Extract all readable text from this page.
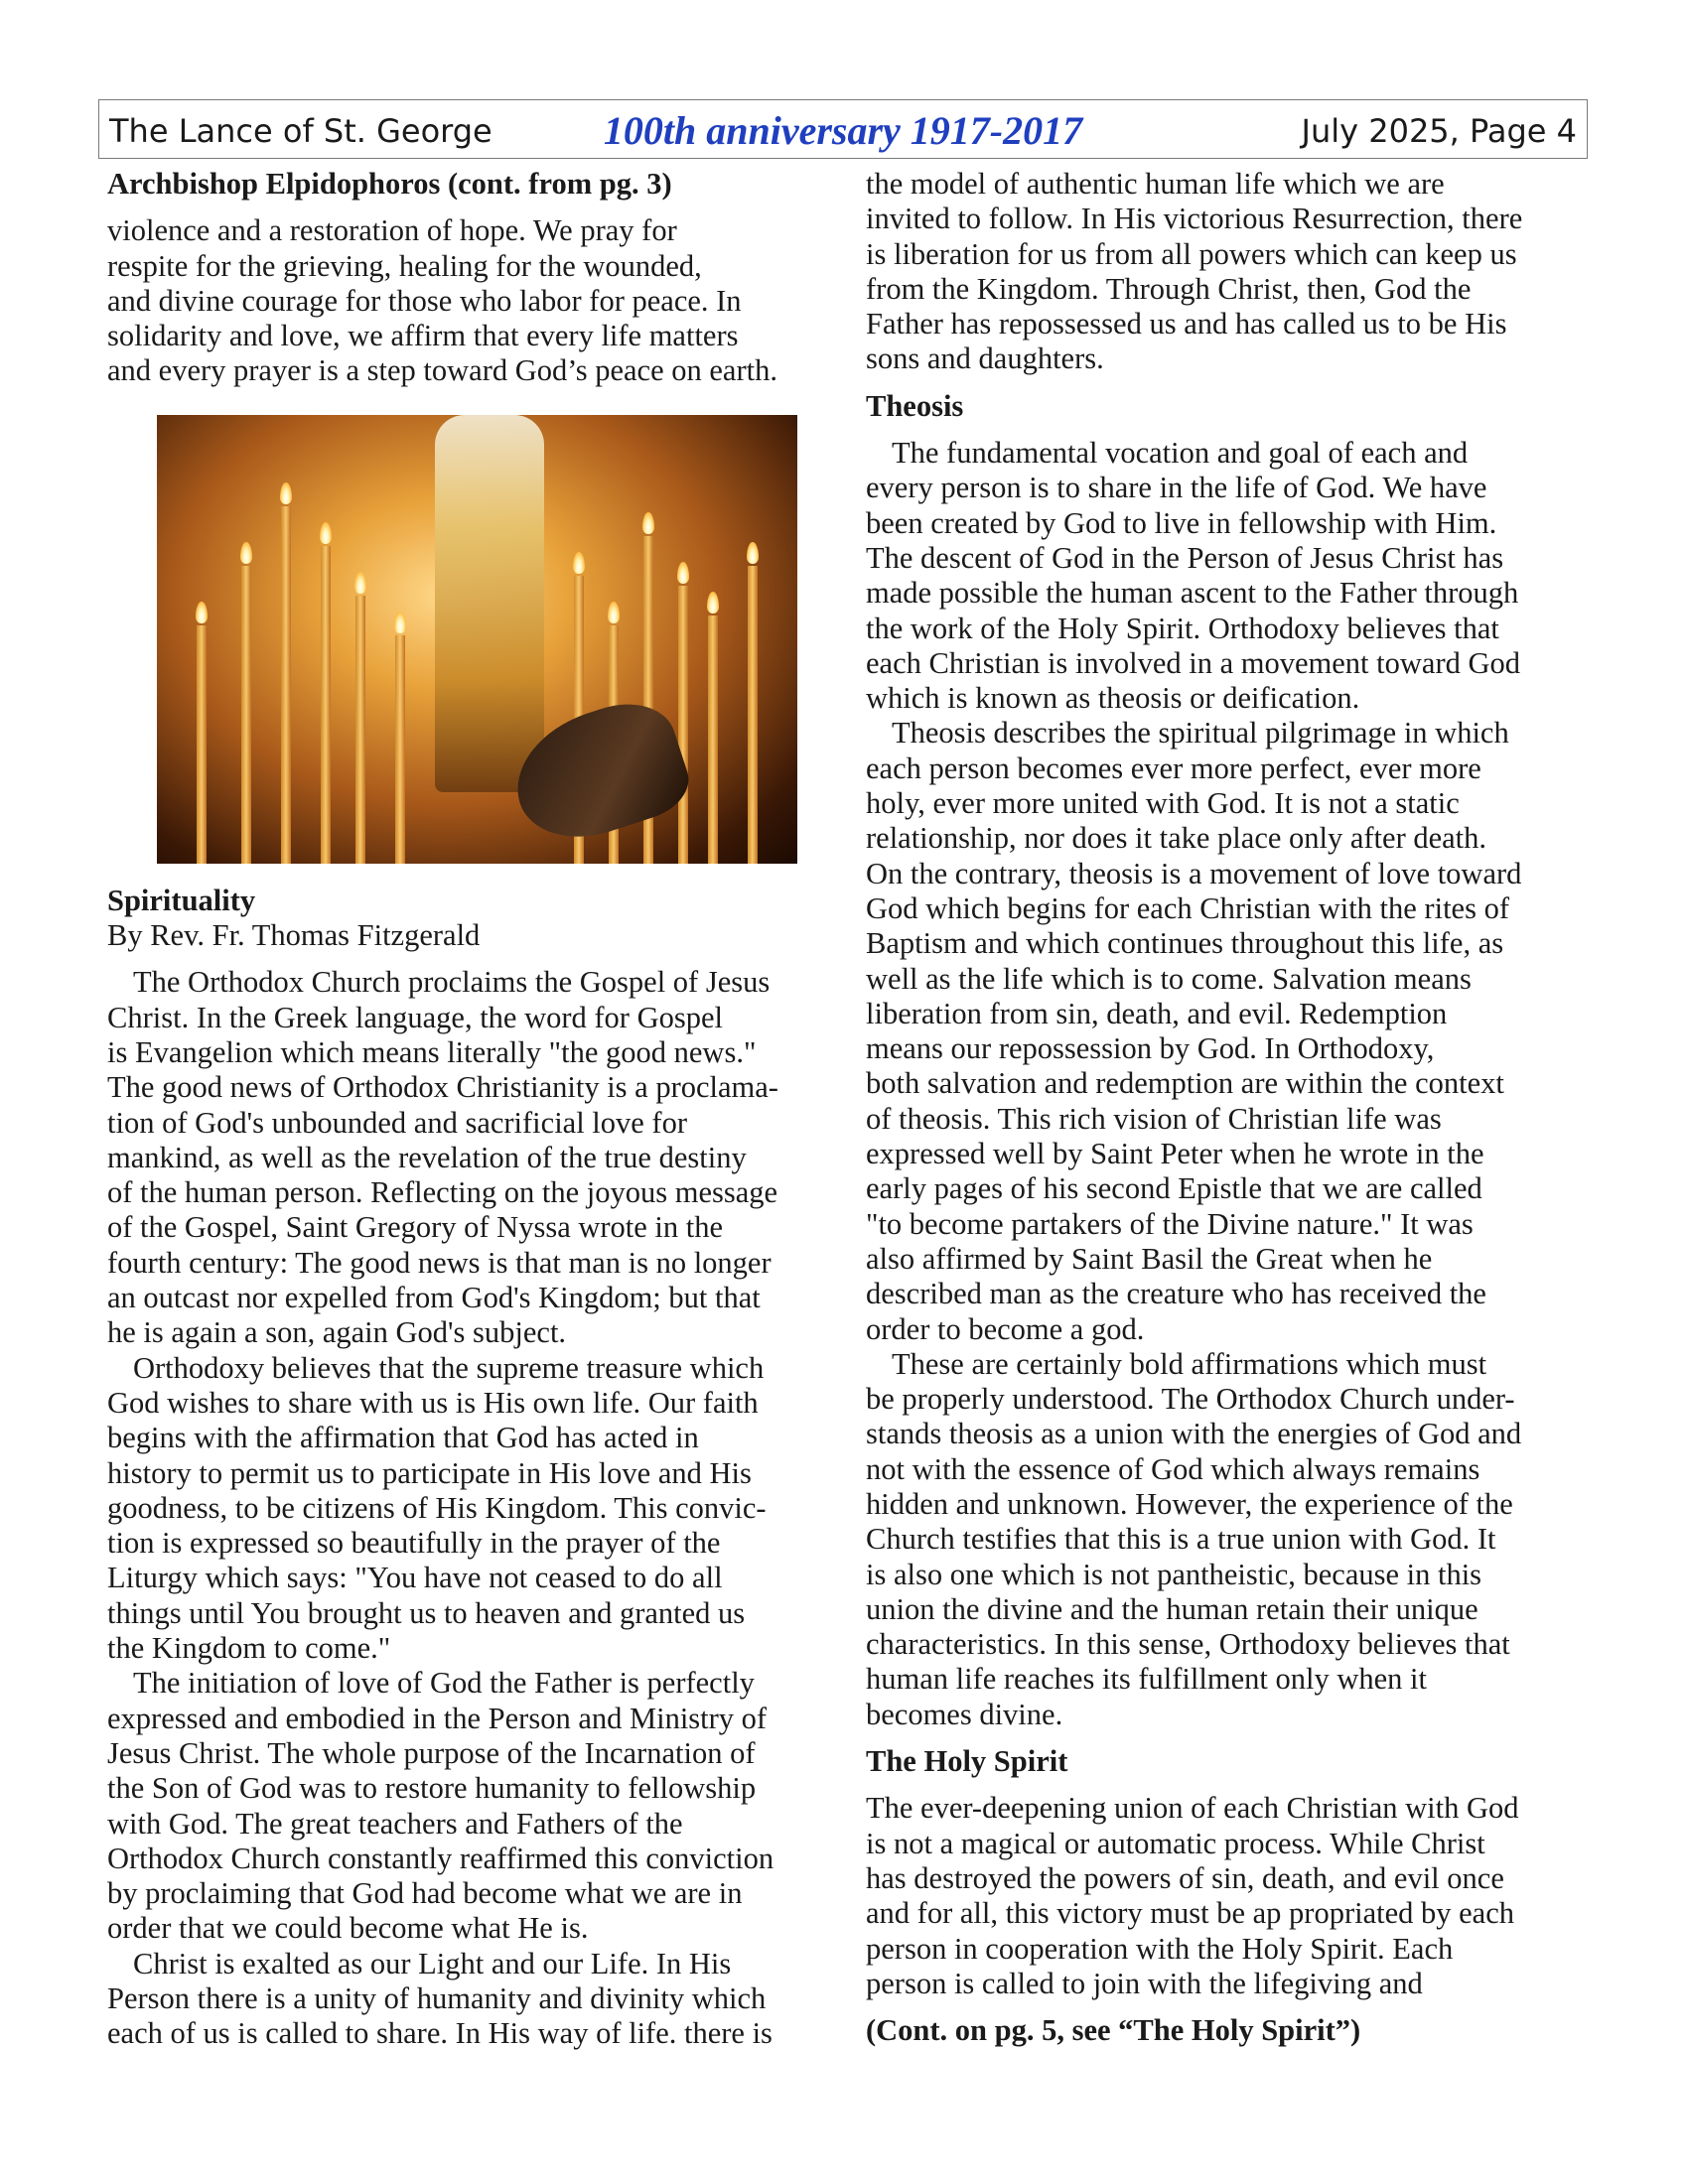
The Lance of St. George	100th anniversary 1917-2017	July 2025, Page 4
Archbishop Elpidophoros (cont. from pg. 3)
violence and a restoration of hope. We pray for
respite for the grieving, healing for the wounded,
and divine courage for those who labor for peace. In
solidarity and love, we affirm that every life matters
and every prayer is a step toward God’s peace on earth.
Spirituality
By Rev. Fr. Thomas Fitzgerald
The Orthodox Church proclaims the Gospel of Jesus
Christ. In the Greek language, the word for Gospel
is Evangelion which means literally "the good news."
The good news of Orthodox Christianity is a proclama-
tion of God's unbounded and sacrificial love for
mankind, as well as the revelation of the true destiny
of the human person. Reflecting on the joyous message
of the Gospel, Saint Gregory of Nyssa wrote in the
fourth century: The good news is that man is no longer
an outcast nor expelled from God's Kingdom; but that
he is again a son, again God's subject.
Orthodoxy believes that the supreme treasure which
God wishes to share with us is His own life. Our faith
begins with the affirmation that God has acted in
history to permit us to participate in His love and His
goodness, to be citizens of His Kingdom. This convic-
tion is expressed so beautifully in the prayer of the
Liturgy which says: "You have not ceased to do all
things until You brought us to heaven and granted us
the Kingdom to come."
The initiation of love of God the Father is perfectly
expressed and embodied in the Person and Ministry of
Jesus Christ. The whole purpose of the Incarnation of
the Son of God was to restore humanity to fellowship
with God. The great teachers and Fathers of the
Orthodox Church constantly reaffirmed this conviction
by proclaiming that God had become what we are in
order that we could become what He is.
Christ is exalted as our Light and our Life. In His
Person there is a unity of humanity and divinity which
each of us is called to share. In His way of life. there is
the model of authentic human life which we are
invited to follow. In His victorious Resurrection, there
is liberation for us from all powers which can keep us
from the Kingdom. Through Christ, then, God the
Father has repossessed us and has called us to be His
sons and daughters.
Theosis
The fundamental vocation and goal of each and
every person is to share in the life of God. We have
been created by God to live in fellowship with Him.
The descent of God in the Person of Jesus Christ has
made possible the human ascent to the Father through
the work of the Holy Spirit. Orthodoxy believes that
each Christian is involved in a movement toward God
which is known as theosis or deification.
Theosis describes the spiritual pilgrimage in which
each person becomes ever more perfect, ever more
holy, ever more united with God. It is not a static
relationship, nor does it take place only after death.
On the contrary, theosis is a movement of love toward
God which begins for each Christian with the rites of
Baptism and which continues throughout this life, as
well as the life which is to come. Salvation means
liberation from sin, death, and evil. Redemption
means our repossession by God. In Orthodoxy,
both salvation and redemption are within the context
of theosis. This rich vision of Christian life was
expressed well by Saint Peter when he wrote in the
early pages of his second Epistle that we are called
"to become partakers of the Divine nature." It was
also affirmed by Saint Basil the Great when he
described man as the creature who has received the
order to become a god.
These are certainly bold affirmations which must
be properly understood. The Orthodox Church under-
stands theosis as a union with the energies of God and
not with the essence of God which always remains
hidden and unknown. However, the experience of the
Church testifies that this is a true union with God. It
is also one which is not pantheistic, because in this
union the divine and the human retain their unique
characteristics. In this sense, Orthodoxy believes that
human life reaches its fulfillment only when it
becomes divine.
The Holy Spirit
The ever-deepening union of each Christian with God
is not a magical or automatic process. While Christ
has destroyed the powers of sin, death, and evil once
and for all, this victory must be ap propriated by each
person in cooperation with the Holy Spirit. Each
person is called to join with the lifegiving and
(Cont. on pg. 5, see “The Holy Spirit”)
